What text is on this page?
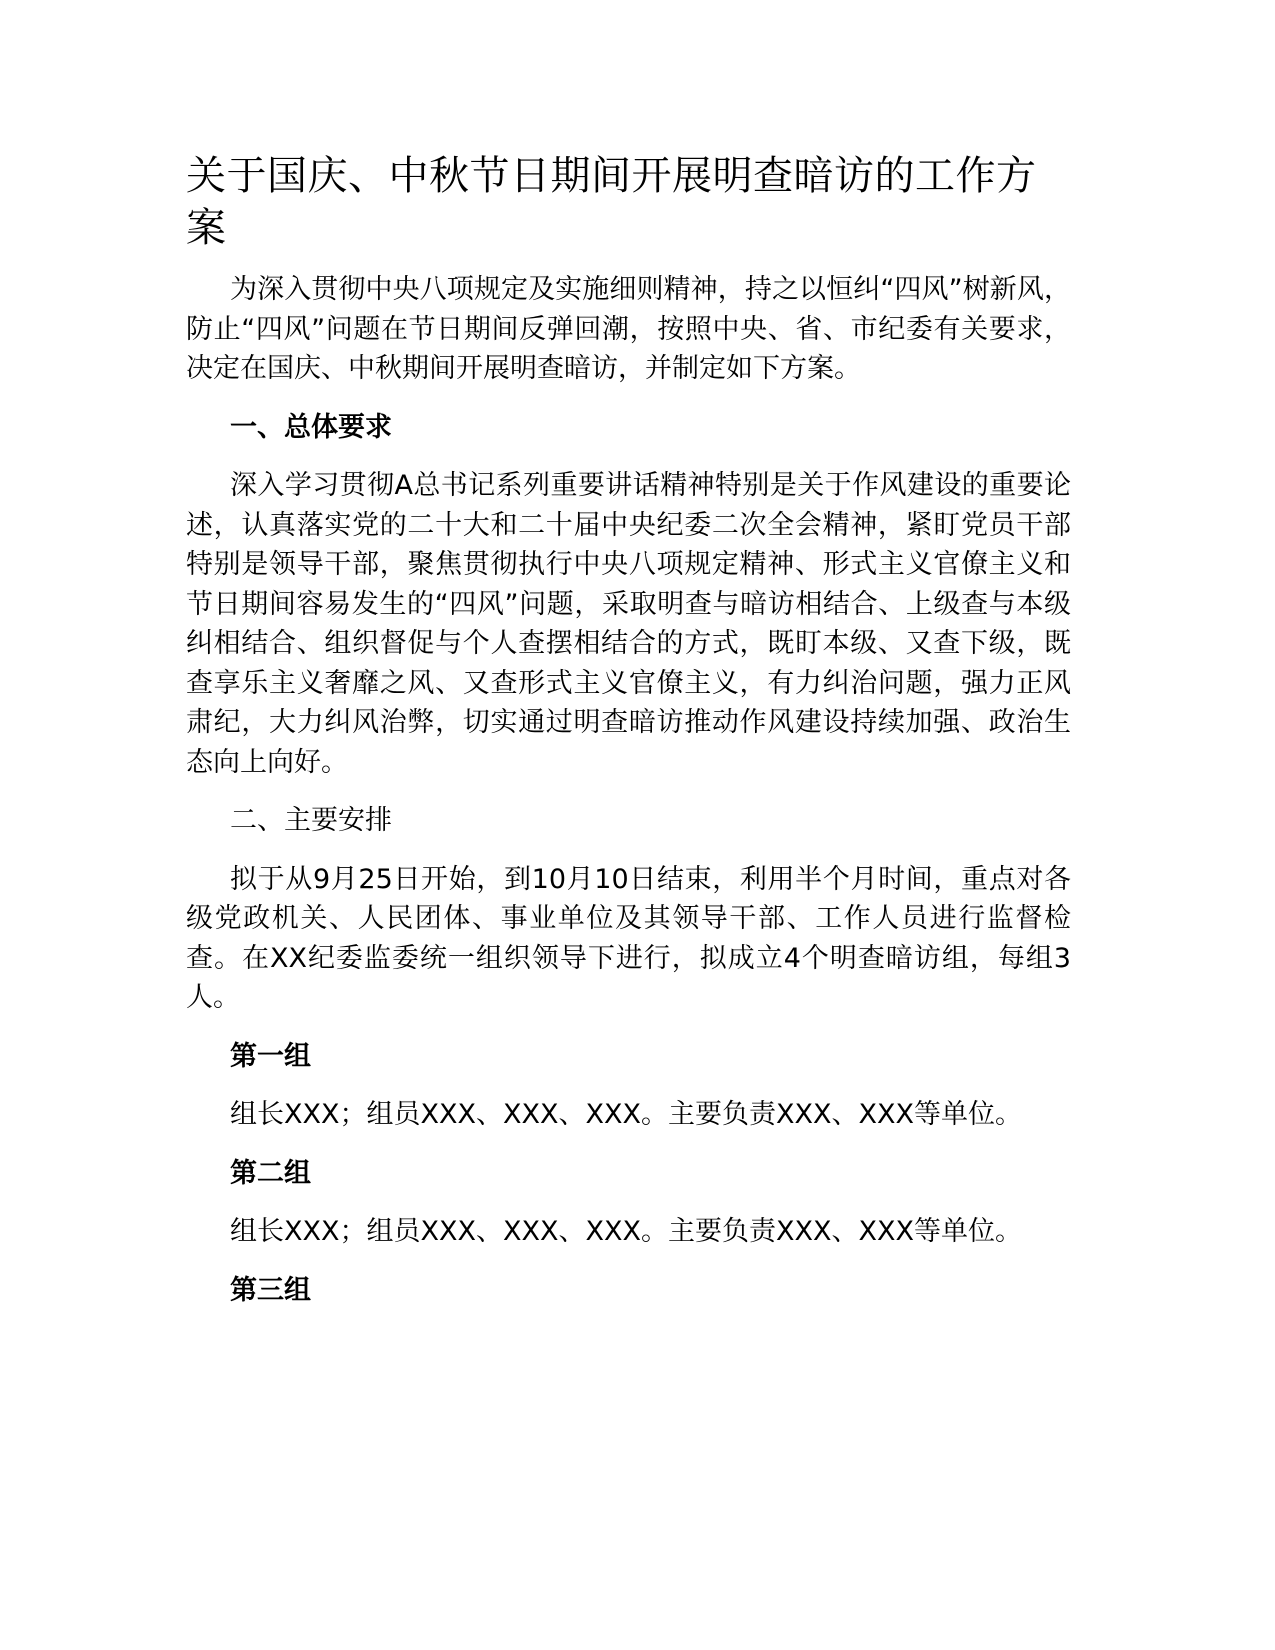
关于国庆、中秋节日期间开展明查暗访的工作方案

为深入贯彻中央八项规定及实施细则精神，持之以恒纠“四风”树新风，防止“四风”问题在节日期间反弹回潮，按照中央、省、市纪委有关要求，决定在国庆、中秋期间开展明查暗访，并制定如下方案。

一、总体要求

深入学习贯彻A总书记系列重要讲话精神特别是关于作风建设的重要论述，认真落实党的二十大和二十届中央纪委二次全会精神，紧盯党员干部特别是领导干部，聚焦贯彻执行中央八项规定精神、形式主义官僚主义和节日期间容易发生的“四风”问题，采取明查与暗访相结合、上级查与本级纠相结合、组织督促与个人查摆相结合的方式，既盯本级、又查下级，既查享乐主义奢靡之风、又查形式主义官僚主义，有力纠治问题，强力正风肃纪，大力纠风治弊，切实通过明查暗访推动作风建设持续加强、政治生态向上向好。

二、主要安排

拟于从9月25日开始，到10月10日结束，利用半个月时间，重点对各级党政机关、人民团体、事业单位及其领导干部、工作人员进行监督检查。在XX纪委监委统一组织领导下进行，拟成立4个明查暗访组，每组3人。

第一组

组长XXX；组员XXX、XXX、XXX。主要负责XXX、XXX等单位。

第二组

组长XXX；组员XXX、XXX、XXX。主要负责XXX、XXX等单位。

第三组
